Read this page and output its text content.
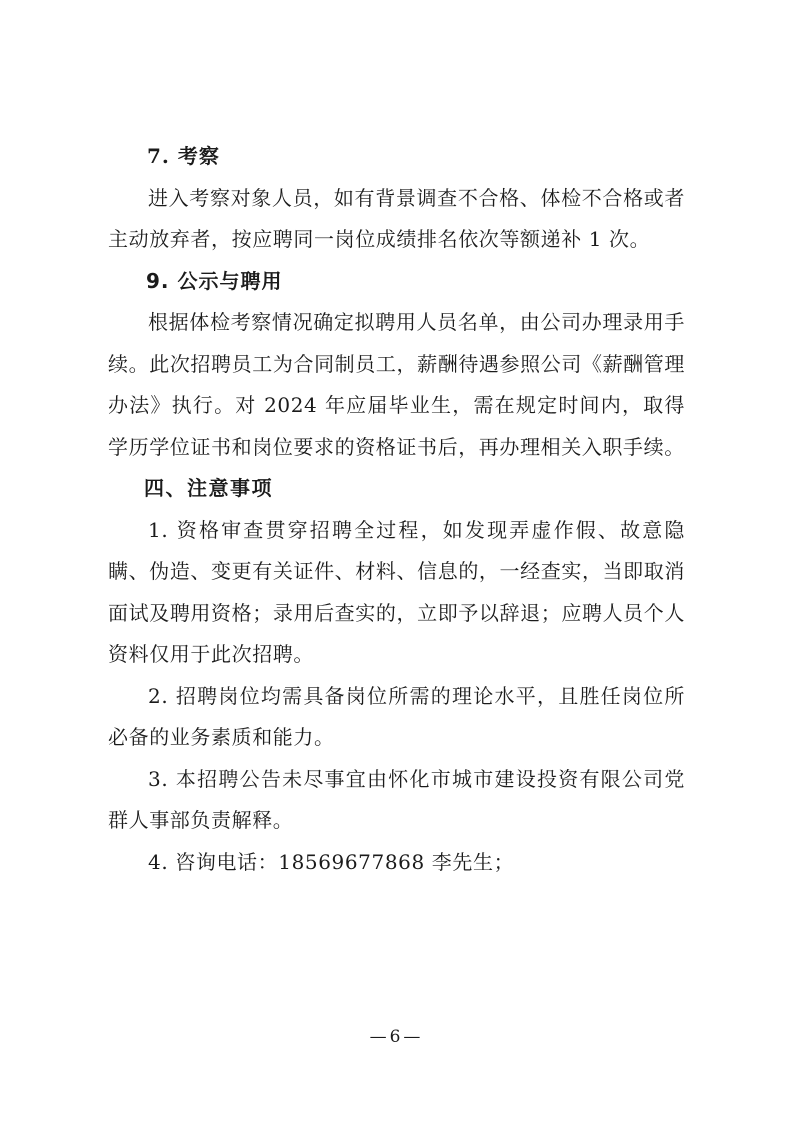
7. 考察

进入考察对象人员，如有背景调查不合格、体检不合格或者主动放弃者，按应聘同一岗位成绩排名依次等额递补 1 次。

9. 公示与聘用

根据体检考察情况确定拟聘用人员名单，由公司办理录用手续。此次招聘员工为合同制员工，薪酬待遇参照公司《薪酬管理办法》执行。对 2024 年应届毕业生，需在规定时间内，取得学历学位证书和岗位要求的资格证书后，再办理相关入职手续。

四、注意事项

1. 资格审查贯穿招聘全过程，如发现弄虚作假、故意隐瞒、伪造、变更有关证件、材料、信息的，一经查实，当即取消面试及聘用资格；录用后查实的，立即予以辞退；应聘人员个人资料仅用于此次招聘。

2. 招聘岗位均需具备岗位所需的理论水平，且胜任岗位所必备的业务素质和能力。

3. 本招聘公告未尽事宜由怀化市城市建设投资有限公司党群人事部负责解释。

4. 咨询电话：18569677868 李先生；

—6—
